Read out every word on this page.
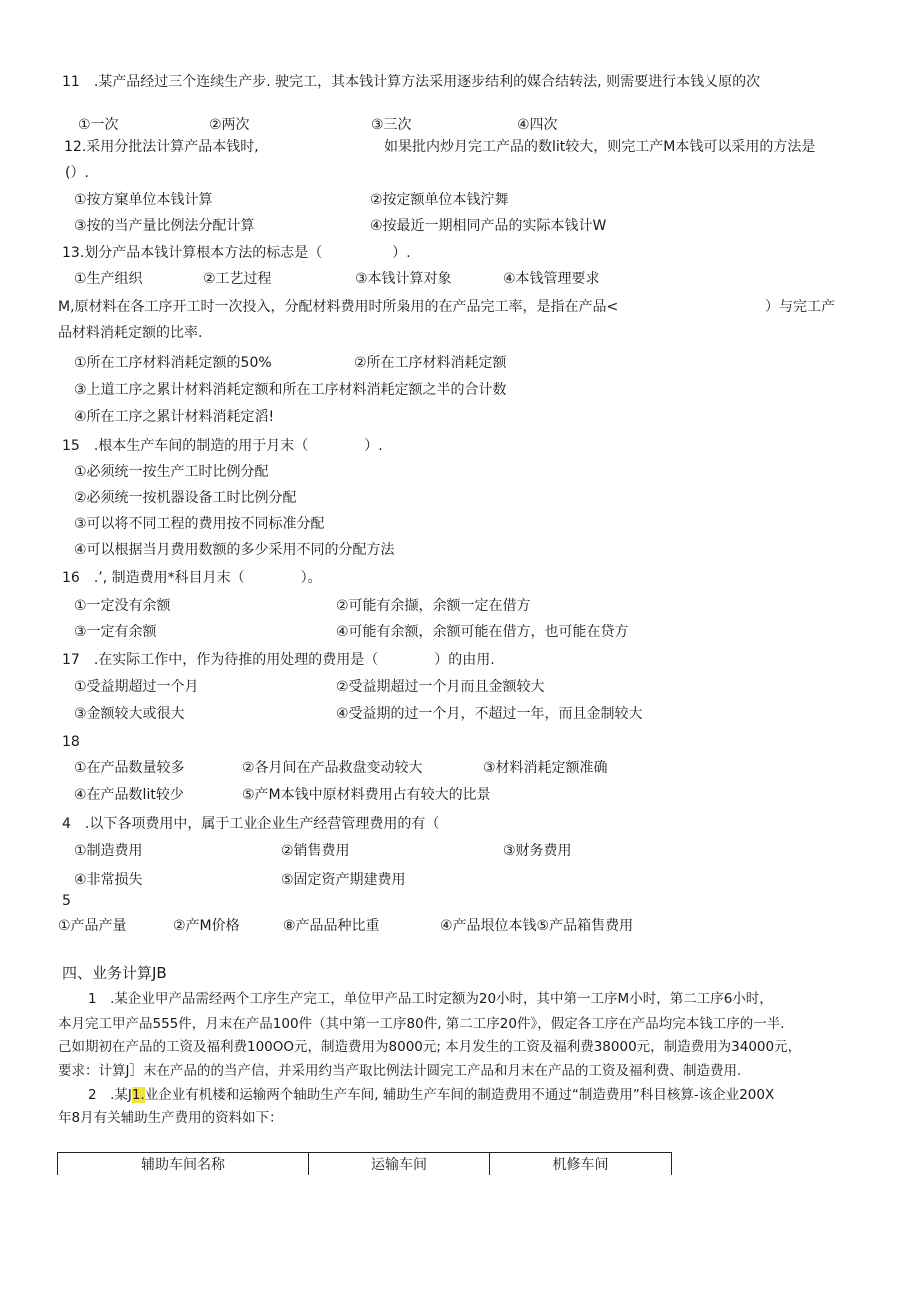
11　.某产品经过三个连续生产步. 驶完工，其本钱计算方法采用逐步结利的媒合结转法, 则需要进行本钱乂原的次
①一次	②两次	③三次	④四次
12.采用分批法计算产品本钱时,	如果批内炒月完工产品的数lit较大，则完工产M本钱可以采用的方法是
(）.
①按方窠单位本钱计算	②按定额单位本钱泞舞
③按的当产量比例法分配计算	④按最近一期相同产品的实际本钱计W
13.划分产品本钱计算根本方法的标志是（　　　　　）.
①生产组织	②工艺过程	③本钱计算对象	④本钱管理要求
M,原材料在各工序开工时一次投入，分配材料费用时所枭用的在产品完工率，是指在产品<	）与完工产
品材料消耗定额的比率.
①所在工序材料消耗定额的50%	②所在工序材料消耗定额
③上道工序之累计材料消耗定额和所在工序材料消耗定额之半的合计数
④所在工序之累计材料消耗定滔!
15　.根本生产车间的制造的用于月末（　　　　）.
①必须统一按生产工时比例分配
②必须统一按机器设备工时比例分配
③可以将不同工程的费用按不同标准分配
④可以根据当月费用数额的多少采用不同的分配方法
16　.’, 制造费用*科目月末（　　　　）。
①一定没有余额	②可能有余撷，余额一定在借方
③一定有余额	④可能有余额，余额可能在借方，也可能在贷方
17　.在实际工作中，作为待推的用处理的费用是（　　　　）的由用.
①受益期超过一个月	②受益期超过一个月而且金额较大
③金额较大或很大	④受益期的过一个月，不超过一年，而且金制较大
18
①在产品数量较多	②各月间在产品救盘变动较大	③材料消耗定额准确
④在产品数lit较少	⑤产M本钱中原材料费用占有较大的比景
4　.以下各项费用中，属于工业企业生产经营管理费用的有（
①制造费用	②销售费用	③财务费用
④非常损失	⑤固定资产期建费用
5
①产品产量	②产M价格	⑧产品品种比重	④产品垠位本钱⑤产品箱售费用
四、业务计算JB
1　.某企业甲产品需经两个工序生产完工，单位甲产品工时定额为20小时，其中第一工序M小时，第二工序6小时，
本月完工甲产品555件，月末在产品100件（其中第一工序80件, 第二工序20件》，假定各工序在产品均完本钱工序的一半.
己如期初在产品的工资及福利费100OO元，制造费用为8000元; 本月发生的工资及福利费38000元，制造费用为34000元，
要求：计算J］末在产品的的当产信，并采用约当产取比例法计圆完工产品和月末在产品的工资及福利费、制造费用.
2　.某J1.业企业有机楼和运输两个轴助生产车间, 辅助生产车间的制造费用不通过“制造费用”科目核算-该企业200X
年8月有关辅助生产费用的资料如下：
辅助车间名称	运输车间	机修车间
